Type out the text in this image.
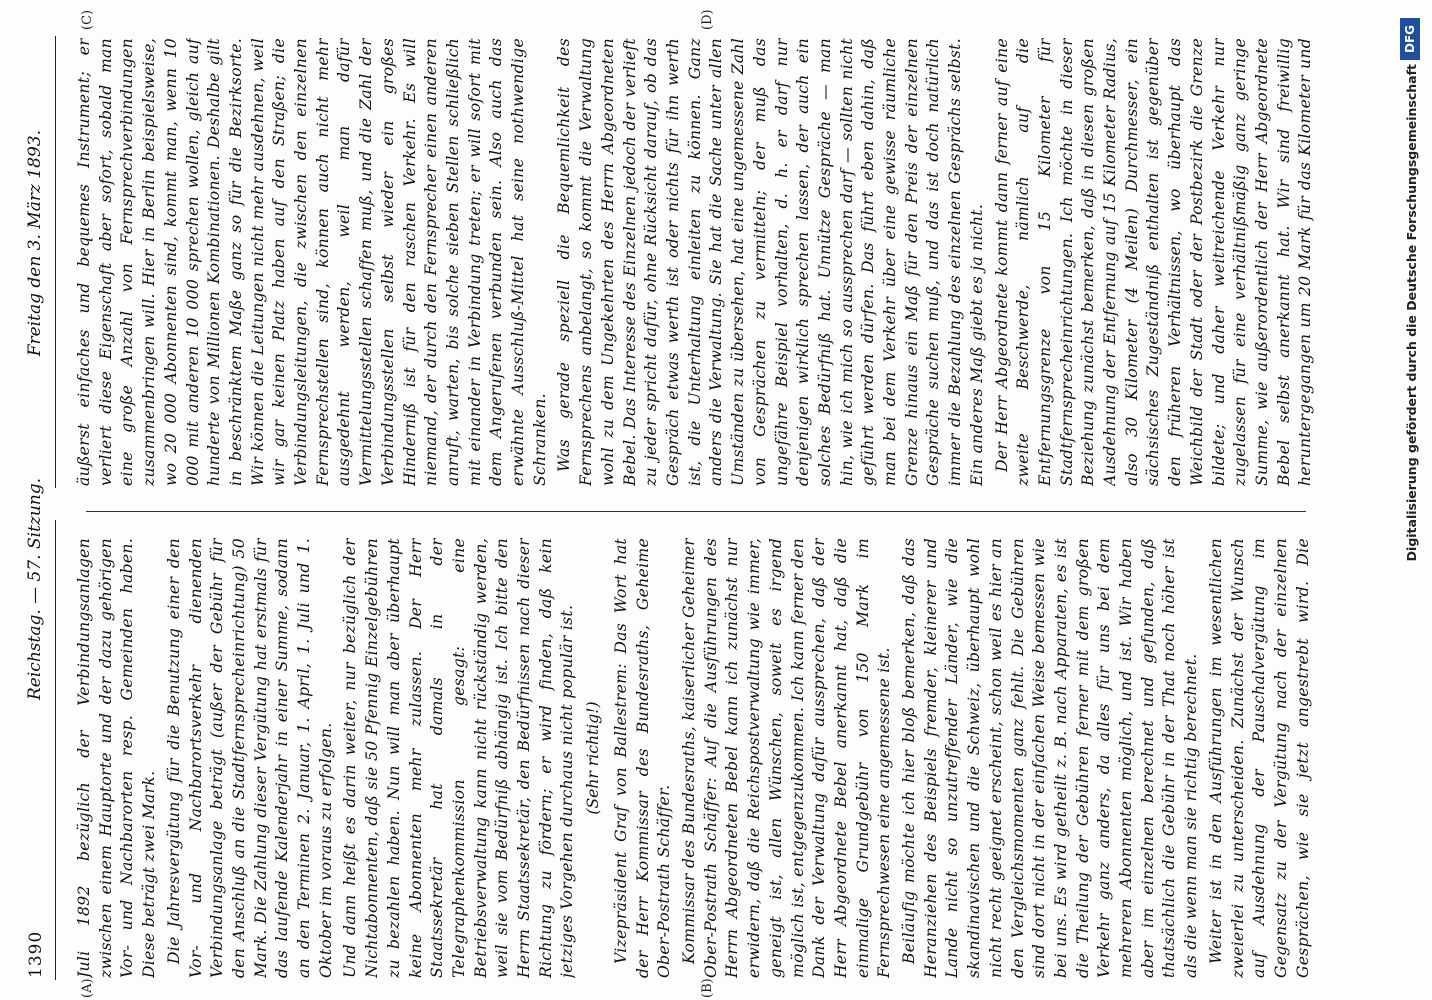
1390
Reichstag. — 57. Sitzung.
Freitag den 3. März 1893.
(A)	(B)
(C)	(D)

Juli 1892 bezüglich der Verbindungsanlagen zwischen einem Hauptorte und der dazu gehörigen Vor- und Nachbarorten resp. Gemeinden haben. Diese beträgt zwei Mark. Die Jahresvergütung für die Benutzung einer den Vor- und Nachbarortsverkehr dienenden Verbindungsanlage beträgt (außer der Gebühr für den Anschluß an die Stadtfernsprecheinrichtung) 50 Mark. Die Zahlung dieser Vergütung hat erstmals für das laufende Kalenderjahr in einer Summe, sodann an den Terminen 2. Januar, 1. April, 1. Juli und 1. Oktober im voraus zu erfolgen. Und dann heißt es darin weiter, nur bezüglich der Nichtabonnenten, daß sie 50 Pfennig Einzelgebühren zu bezahlen haben. Nun will man aber überhaupt keine Abonnenten mehr zulassen. Der Herr Staatssekretär hat damals in der Telegraphenkommission gesagt: eine Betriebsverwaltung kann nicht rückständig werden, weil sie vom Bedürfniß abhängig ist. Ich bitte den Herrn Staatssekretär, den Bedürfnissen nach dieser Richtung zu fördern; er wird finden, daß kein jetziges Vorgehen durchaus nicht populär ist. (Sehr richtig!) Vizepräsident Graf von Ballestrem: Das Wort hat der Herr Kommissar des Bundesraths, Geheime Ober-Postrath Schäffer. Kommissar des Bundesraths, kaiserlicher Geheimer Ober-Postrath Schäffer: Auf die Ausführungen des Herrn Abgeordneten Bebel kann ich zunächst nur erwidern, daß die Reichspostverwaltung wie immer, geneigt ist, allen Wünschen, soweit es irgend möglich ist, entgegenzukommen. Ich kann ferner den Dank der Verwaltung dafür aussprechen, daß der Herr Abgeordnete Bebel anerkannt hat, daß die einmalige Grundgebühr von 150 Mark im Fernsprechwesen eine angemessene ist. Beiläufig möchte ich hier bloß bemerken, daß das Heranziehen des Beispiels fremder, kleinerer und Lande nicht so unzutreffender Länder, wie die skandinavischen und die Schweiz, überhaupt wohl nicht recht geeignet erscheint, schon weil es hier an den Vergleichsmomenten ganz fehlt. Die Gebühren sind dort nicht in der einfachen Weise bemessen wie bei uns. Es wird getheilt z. B. nach Apparaten, es ist die Theilung der Gebühren ferner mit dem großen Verkehr ganz anders, da alles für uns bei dem mehreren Abonnenten möglich, und ist. Wir haben aber im einzelnen berechnet und gefunden, daß thatsächlich die Gebühr in der That noch höher ist als die wenn man sie richtig berechnet. Weiter ist in den Ausführungen im wesentlichen zweierlei zu unterscheiden. Zunächst der Wunsch auf Ausdehnung der Pauschalvergütung im Gegensatz zu der Vergütung nach der einzelnen Gesprächen, wie sie jetzt angestrebt wird. Die

äußerst einfaches und bequemes Instrument; er verliert diese Eigenschaft aber sofort, sobald man eine große Anzahl von Fernsprechverbindungen zusammenbringen will. Hier in Berlin beispielsweise, wo 20 000 Abonnenten sind, kommt man, wenn 10 000 mit anderen 10 000 sprechen wollen, gleich auf hunderte von Millionen Kombinationen. Deshalbe gilt in beschränktem Maße ganz so für die Bezirksorte. Wir können die Leitungen nicht mehr ausdehnen, weil wir gar keinen Platz haben auf den Straßen; die Verbindungsleitungen, die zwischen den einzelnen Fernsprechstellen sind, können auch nicht mehr ausgedehnt werden, weil man dafür Vermittelungsstellen schaffen muß, und die Zahl der Verbindungsstellen selbst wieder ein großes Hinderniß ist für den raschen Verkehr. Es will niemand, der durch den Fernsprecher einen anderen anruft, warten, bis solche sieben Stellen schließlich mit einander in Verbindung treten; er will sofort mit dem Angerufenen verbunden sein. Also auch das erwähnte Ausschluß-Mittel hat seine nothwendige Schranken. Was gerade speziell die Bequemlichkeit des Fernsprechens anbelangt, so kommt die Verwaltung wohl zu dem Ungekehrten des Herrn Abgeordneten Bebel. Das Interesse des Einzelnen jedoch der verlieft zu jeder spricht dafür, ohne Rücksicht darauf, ob das Gespräch etwas werth ist oder nichts für ihn werth ist, die Unterhaltung einleiten zu können. Ganz anders die Verwaltung. Sie hat die Sache unter allen Umständen zu übersehen, hat eine ungemessene Zahl von Gesprächen zu vermitteln; der muß das ungefähre Beispiel vorhalten, d. h. er darf nur denjenigen wirklich sprechen lassen, der auch ein solches Bedürfniß hat. Unnütze Gespräche — man hin, wie ich mich so aussprechen darf — sollten nicht geführt werden dürfen. Das führt eben dahin, daß man bei dem Verkehr über eine gewisse räumliche Grenze hinaus ein Maß für den Preis der einzelnen Gespräche suchen muß, und das ist doch natürlich immer die Bezahlung des einzelnen Gesprächs selbst. Ein anderes Maß giebt es ja nicht. Der Herr Abgeordnete kommt dann ferner auf eine zweite Beschwerde, nämlich auf die Entfernungsgrenze von 15 Kilometer für Stadtfernsprecheinrichtungen. Ich möchte in dieser Beziehung zunächst bemerken, daß in diesen großen Ausdehnung der Entfernung auf 15 Kilometer Radius, also 30 Kilometer (4 Meilen) Durchmesser, ein sächsisches Zugeständniß enthalten ist gegenüber den früheren Verhältnissen, wo überhaupt das Weichbild der Stadt oder der Postbezirk die Grenze bildete; und daher weitreichende Verkehr nur zugelassen für eine verhältnißmäßig ganz geringe Summe, wie außerordentlich der Herr Abgeordnete Bebel selbst anerkannt hat. Wir sind freiwillig heruntergegangen um 20 Mark für das Kilometer und

Digitalisierung gefördert durch die Deutsche Forschungsgemeinschaft
DFG
